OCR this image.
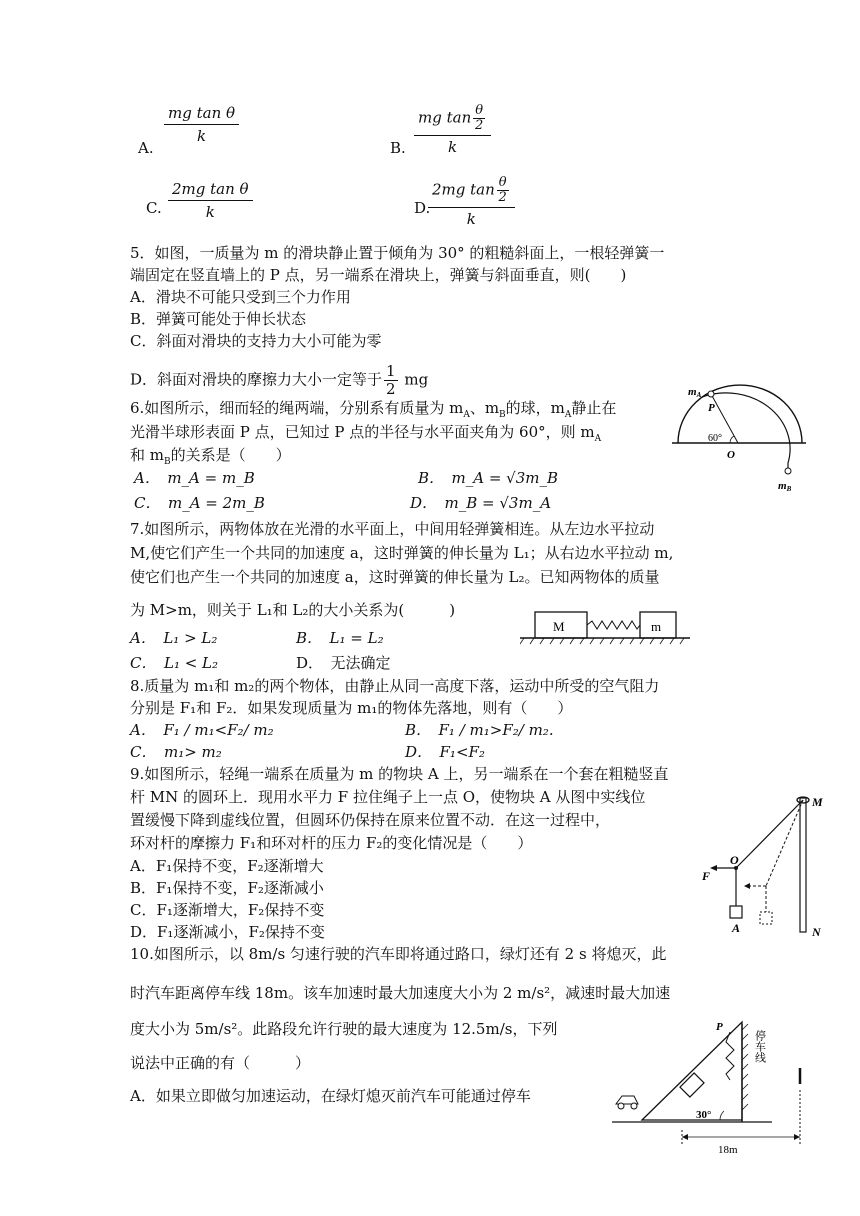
A.
$\frac{\text{mg tan θ}}{k}$
B. $\frac{mg \tan \frac{\theta}{2}}{k}$
C. $\frac{\text{2mg tan θ}}{k}$	D.
$\frac{2mg \tan \frac{\theta}{2}}{k}$
5．如图，一质量为 m 的滑块静止置于倾角为 30° 的粗糙斜面上，一根轻弹簧一
端固定在竖直墙上的 P 点，另一端系在滑块上，弹簧与斜面垂直，则(　　)
A．滑块不可能只受到三个力作用
B．弹簧可能处于伸长状态
C．斜面对滑块的支持力大小可能为零
D．斜面对滑块的摩擦力大小一定等于 $\frac{1}{2}$ mg
6.如图所示，细而轻的绳两端，分别系有质量为 $m_A$、$m_B$的球，$m_A$静止在
光滑半球形表面 P 点，已知过 P 点的半径与水平面夹角为 60°，则 $m_A$
和 $m_B$的关系是（　　）
A．　m_A = m_B	B．　m_A = √3m_B
C．　m_A = 2m_B	D．　m_B = √3m_A
mA
P
60°
O
mB
7.如图所示，两物体放在光滑的水平面上，中间用轻弹簧相连。从左边水平拉动
M,使它们产生一个共同的加速度 a，这时弹簧的伸长量为 L₁；从右边水平拉动 m,
使它们也产生一个共同的加速度 a，这时弹簧的伸长量为 L₂。已知两物体的质量
为 M>m，则关于 L₁和 L₂的大小关系为(　　　)
A．　L₁ > L₂	B．　L₁ = L₂
C．　L₁ < L₂	D．　无法确定
M	m
8.质量为 m₁和 m₂的两个物体，由静止从同一高度下落，运动中所受的空气阻力
分别是 F₁和 F₂．如果发现质量为 m₁的物体先落地，则有（　　）
A．　F₁ / m₁<F₂/ m₂	B．　F₁ / m₁>F₂/ m₂.
C．　m₁> m₂	D．　F₁<F₂
9.如图所示，轻绳一端系在质量为 m 的物块 A 上，另一端系在一个套在粗糙竖直
杆 MN 的圆环上．现用水平力 F 拉住绳子上一点 O，使物块 A 从图中实线位
置缓慢下降到虚线位置，但圆环仍保持在原来位置不动．在这一过程中，
环对杆的摩擦力 F₁和环对杆的压力 F₂的变化情况是（　　）
A．F₁保持不变，F₂逐渐增大
B．F₁保持不变，F₂逐渐减小
C．F₁逐渐增大，F₂保持不变
D．F₁逐渐减小，F₂保持不变
M
N
F
O
A
10.如图所示，以 8m/s 匀速行驶的汽车即将通过路口，绿灯还有 2 s 将熄灭，此
时汽车距离停车线 18m。该车加速时最大加速度大小为 2 m/s²，减速时最大加速
度大小为 5m/s²。此路段允许行驶的最大速度为 12.5m/s，下列
说法中正确的有（　　　）
A．如果立即做匀加速运动，在绿灯熄灭前汽车可能通过停车
P
30°
停车线
18m
